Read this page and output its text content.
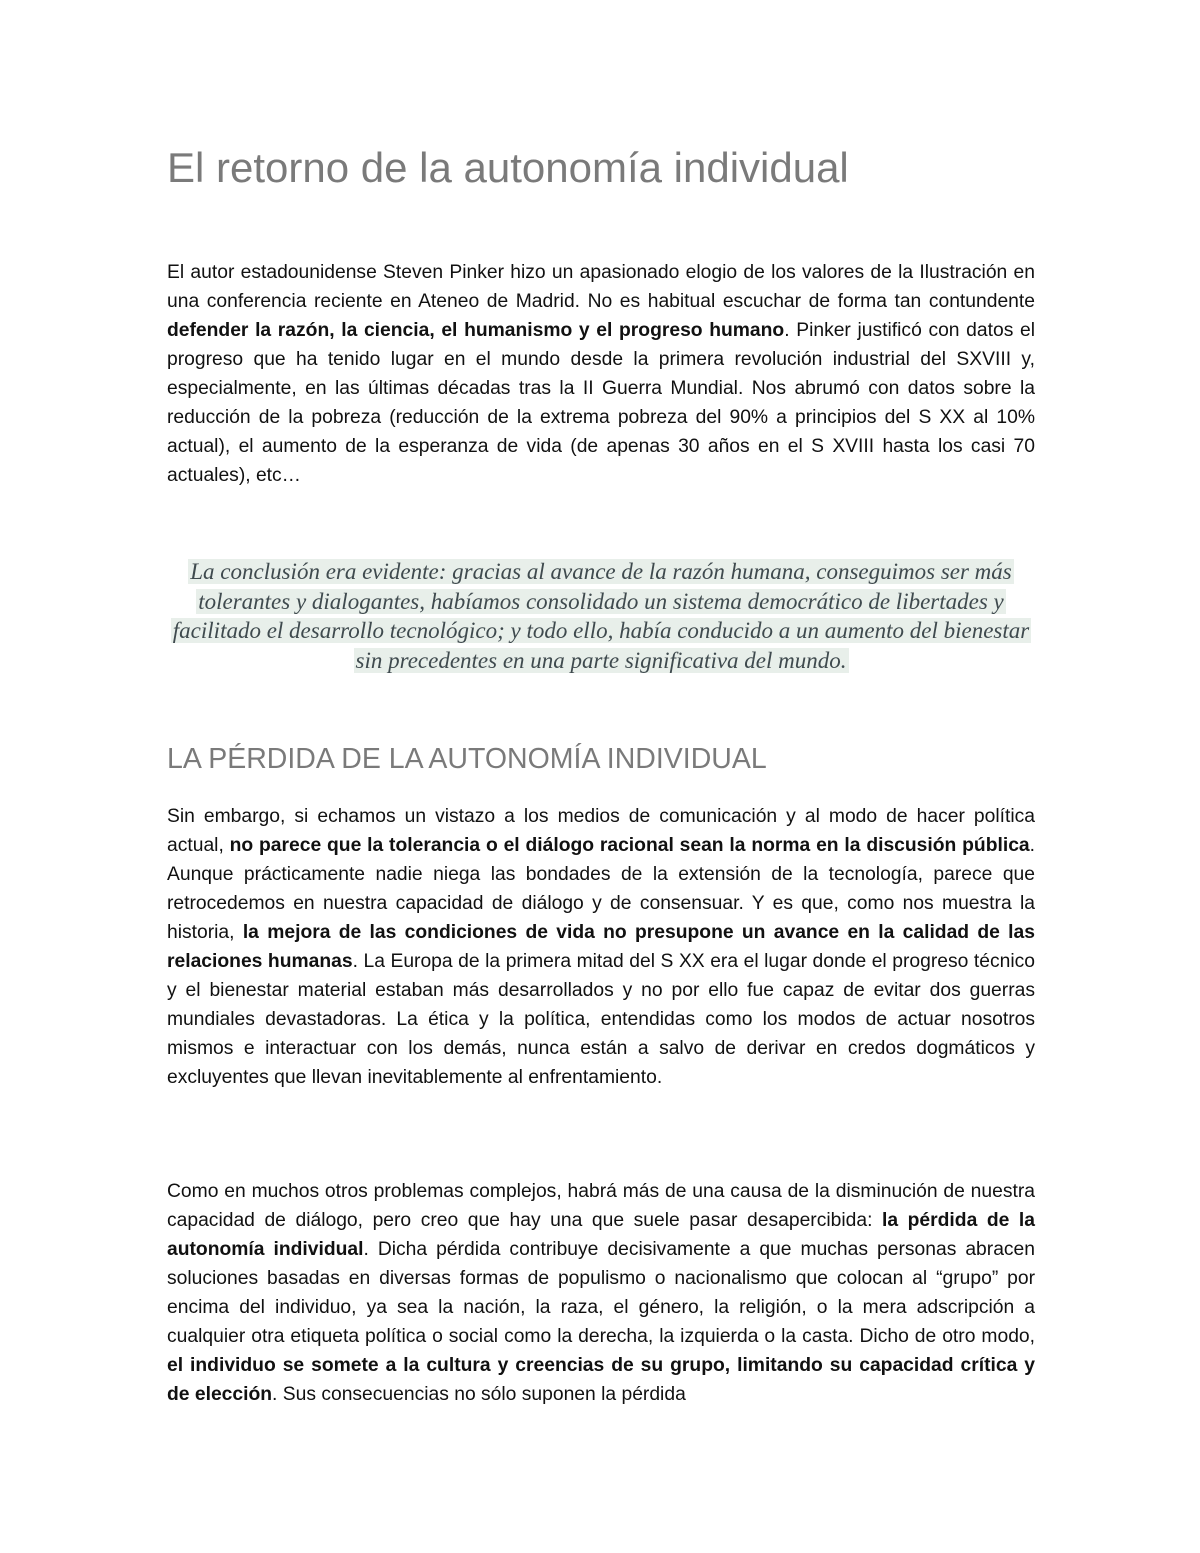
El retorno de la autonomía individual

El autor estadounidense Steven Pinker hizo un apasionado elogio de los valores de la Ilustración en una conferencia reciente en Ateneo de Madrid. No es habitual escuchar de forma tan contundente defender la razón, la ciencia, el humanismo y el progreso humano. Pinker justificó con datos el progreso que ha tenido lugar en el mundo desde la primera revolución industrial del SXVIII y, especialmente, en las últimas décadas tras la II Guerra Mundial. Nos abrumó con datos sobre la reducción de la pobreza (reducción de la extrema pobreza del 90% a principios del S XX al 10% actual), el aumento de la esperanza de vida (de apenas 30 años en el S XVIII hasta los casi 70 actuales), etc…

La conclusión era evidente: gracias al avance de la razón humana, conseguimos ser más tolerantes y dialogantes, habíamos consolidado un sistema democrático de libertades y facilitado el desarrollo tecnológico; y todo ello, había conducido a un aumento del bienestar sin precedentes en una parte significativa del mundo.
LA PÉRDIDA DE LA AUTONOMÍA INDIVIDUAL

Sin embargo, si echamos un vistazo a los medios de comunicación y al modo de hacer política actual, no parece que la tolerancia o el diálogo racional sean la norma en la discusión pública. Aunque prácticamente nadie niega las bondades de la extensión de la tecnología, parece que retrocedemos en nuestra capacidad de diálogo y de consensuar. Y es que, como nos muestra la historia, la mejora de las condiciones de vida no presupone un avance en la calidad de las relaciones humanas. La Europa de la primera mitad del S XX era el lugar donde el progreso técnico y el bienestar material estaban más desarrollados y no por ello fue capaz de evitar dos guerras mundiales devastadoras. La ética y la política, entendidas como los modos de actuar nosotros mismos e interactuar con los demás, nunca están a salvo de derivar en credos dogmáticos y excluyentes que llevan inevitablemente al enfrentamiento.

Como en muchos otros problemas complejos, habrá más de una causa de la disminución de nuestra capacidad de diálogo, pero creo que hay una que suele pasar desapercibida: la pérdida de la autonomía individual. Dicha pérdida contribuye decisivamente a que muchas personas abracen soluciones basadas en diversas formas de populismo o nacionalismo que colocan al “grupo” por encima del individuo, ya sea la nación, la raza, el género, la religión, o la mera adscripción a cualquier otra etiqueta política o social como la derecha, la izquierda o la casta. Dicho de otro modo, el individuo se somete a la cultura y creencias de su grupo, limitando su capacidad crítica y de elección. Sus consecuencias no sólo suponen la pérdida
